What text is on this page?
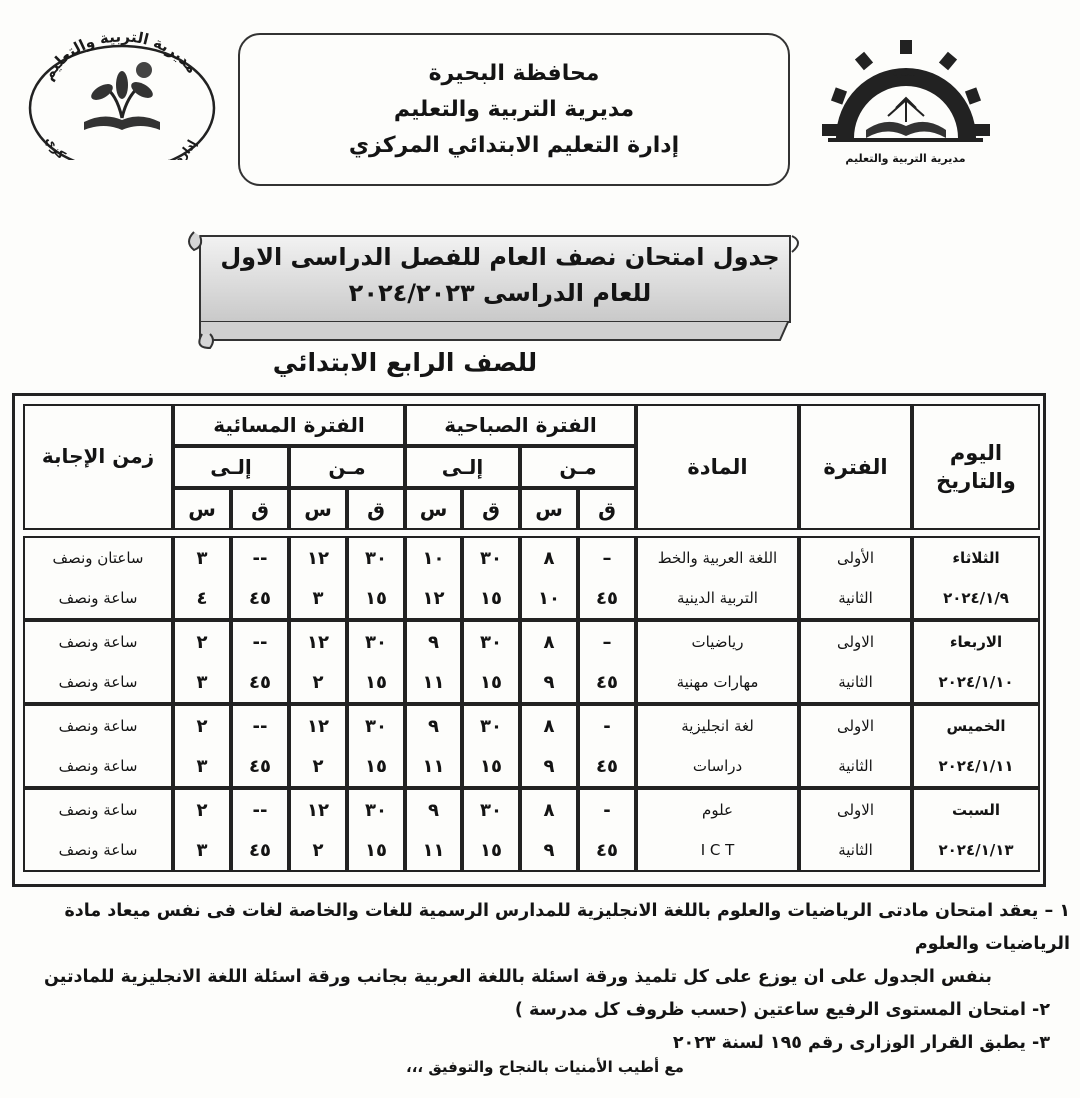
مديرية التربية والتعليم
إدارة ركزي
البحيرة
مديرية التربية والتعليم
محافظة البحيرة
مديرية التربية والتعليم
إدارة التعليم الابتدائي المركزي
جدول امتحان نصف العام للفصل الدراسى الاول
للعام الدراسى ٢٠٢٤/٢٠٢٣
للصف الرابع الابتدائي
اليوم والتاريخ
الفترة
المادة
الفترة الصباحية
مـن
إلـى
ق
س
ق
س
الفترة المسائية
مـن
إلـى
ق
س
ق
س
زمن الإجابة
الثلاثاء
٢٠٢٤/١/٩
الأولى
الثانية
اللغة العربية والخط
التربية الدينية
–
٤٥
٨
١٠
٣٠
١٥
١٠
١٢
٣٠
١٥
١٢
٣
--
٤٥
٣
٤
ساعتان ونصف
ساعة ونصف
الاربعاء
٢٠٢٤/١/١٠
الاولى
الثانية
رياضيات
مهارات مهنية
–
٤٥
٨
٩
٣٠
١٥
٩
١١
٣٠
١٥
١٢
٢
--
٤٥
٢
٣
ساعة ونصف
ساعة ونصف
الخميس
٢٠٢٤/١/١١
الاولى
الثانية
لغة انجليزية
دراسات
-
٤٥
٨
٩
٣٠
١٥
٩
١١
٣٠
١٥
١٢
٢
--
٤٥
٢
٣
ساعة ونصف
ساعة ونصف
السبت
٢٠٢٤/١/١٣
الاولى
الثانية
علوم
I C T
-
٤٥
٨
٩
٣٠
١٥
٩
١١
٣٠
١٥
١٢
٢
--
٤٥
٢
٣
ساعة ونصف
ساعة ونصف

١ – يعقد امتحان مادتى الرياضيات والعلوم باللغة الانجليزية للمدارس الرسمية للغات والخاصة لغات فى نفس ميعاد مادة الرياضيات والعلوم

بنفس الجدول على ان يوزع على كل تلميذ ورقة اسئلة باللغة العربية بجانب ورقة اسئلة اللغة الانجليزية للمادتين

٢- امتحان المستوى الرفيع ساعتين (حسب ظروف كل مدرسة )

٣- يطبق القرار الوزارى رقم ١٩٥ لسنة ٢٠٢٣

مع أطيب الأمنيات بالنجاح والتوفيق ،،،
